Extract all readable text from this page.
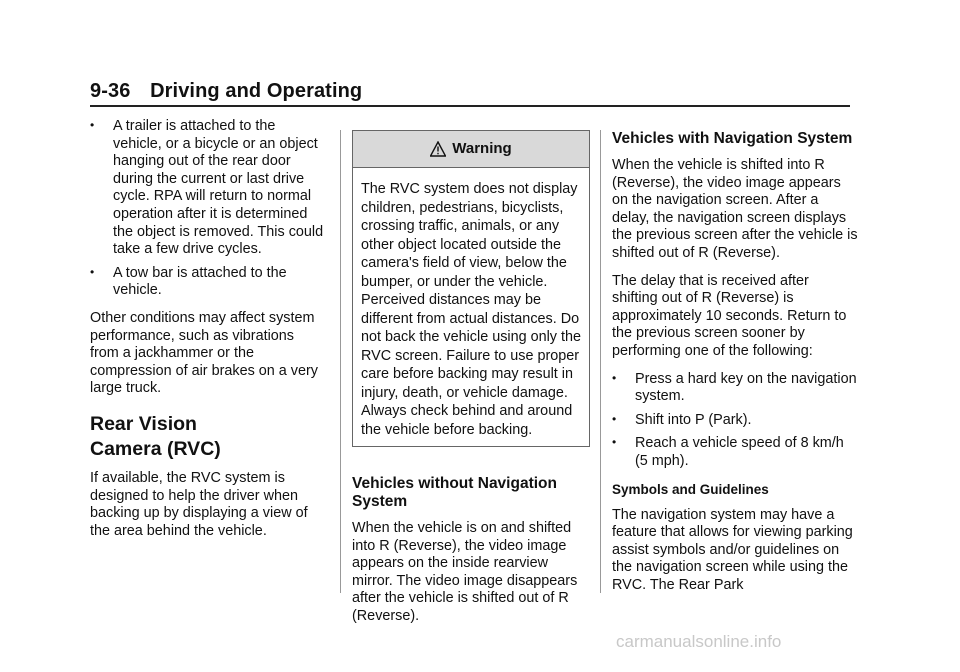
9-36 Driving and Operating
• A trailer is attached to the vehicle, or a bicycle or an object hanging out of the rear door during the current or last drive cycle. RPA will return to normal operation after it is determined the object is removed. This could take a few drive cycles.
• A tow bar is attached to the vehicle.

Other conditions may affect system performance, such as vibrations from a jackhammer or the compression of air brakes on a very large truck.

Rear Vision
Camera (RVC)

If available, the RVC system is designed to help the driver when backing up by displaying a view of the area behind the vehicle.

Warning
The RVC system does not display children, pedestrians, bicyclists, crossing traffic, animals, or any other object located outside the camera's field of view, below the bumper, or under the vehicle. Perceived distances may be different from actual distances. Do not back the vehicle using only the RVC screen. Failure to use proper care before backing may result in injury, death, or vehicle damage. Always check behind and around the vehicle before backing.
Vehicles without Navigation System

When the vehicle is on and shifted into R (Reverse), the video image appears on the inside rearview mirror. The video image disappears after the vehicle is shifted out of R (Reverse).

Vehicles with Navigation System

When the vehicle is shifted into R (Reverse), the video image appears on the navigation screen. After a delay, the navigation screen displays the previous screen after the vehicle is shifted out of R (Reverse).

The delay that is received after shifting out of R (Reverse) is approximately 10 seconds. Return to the previous screen sooner by performing one of the following:

• Press a hard key on the navigation system.
• Shift into P (Park).
• Reach a vehicle speed of 8 km/h (5 mph).
Symbols and Guidelines

The navigation system may have a feature that allows for viewing parking assist symbols and/or guidelines on the navigation screen while using the RVC. The Rear Park

carmanualsonline.info
